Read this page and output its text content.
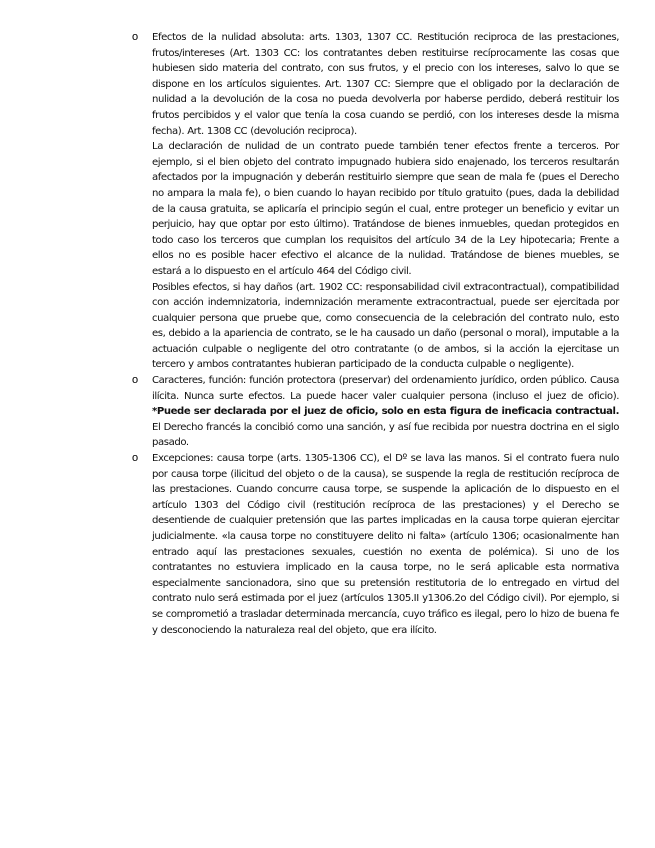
o Efectos de la nulidad absoluta: arts. 1303, 1307 CC. Restitución reciproca de las prestaciones, frutos/intereses (Art. 1303 CC: los contratantes deben restituirse recíprocamente las cosas que hubiesen sido materia del contrato, con sus frutos, y el precio con los intereses, salvo lo que se dispone en los artículos siguientes. Art. 1307 CC: Siempre que el obligado por la declaración de nulidad a la devolución de la cosa no pueda devolverla por haberse perdido, deberá restituir los frutos percibidos y el valor que tenía la cosa cuando se perdió, con los intereses desde la misma fecha). Art. 1308 CC (devolución reciproca).

La declaración de nulidad de un contrato puede también tener efectos frente a terceros. Por ejemplo, si el bien objeto del contrato impugnado hubiera sido enajenado, los terceros resultarán afectados por la impugnación y deberán restituirlo siempre que sean de mala fe (pues el Derecho no ampara la mala fe), o bien cuando lo hayan recibido por título gratuito (pues, dada la debilidad de la causa gratuita, se aplicaría el principio según el cual, entre proteger un beneficio y evitar un perjuicio, hay que optar por esto último). Tratándose de bienes inmuebles, quedan protegidos en todo caso los terceros que cumplan los requisitos del artículo 34 de la Ley hipotecaria; Frente a ellos no es posible hacer efectivo el alcance de la nulidad. Tratándose de bienes muebles, se estará a lo dispuesto en el artículo 464 del Código civil.

Posibles efectos, si hay daños (art. 1902 CC: responsabilidad civil extracontractual), compatibilidad con acción indemnizatoria, indemnización meramente extracontractual, puede ser ejercitada por cualquier persona que pruebe que, como consecuencia de la celebración del contrato nulo, esto es, debido a la apariencia de contrato, se le ha causado un daño (personal o moral), imputable a la actuación culpable o negligente del otro contratante (o de ambos, si la acción la ejercitase un tercero y ambos contratantes hubieran participado de la conducta culpable o negligente).

o Caracteres, función: función protectora (preservar) del ordenamiento jurídico, orden público. Causa ilícita. Nunca surte efectos. La puede hacer valer cualquier persona (incluso el juez de oficio). *Puede ser declarada por el juez de oficio, solo en esta figura de ineficacia contractual. El Derecho francés la concibió como una sanción, y así fue recibida por nuestra doctrina en el siglo pasado.

o Excepciones: causa torpe (arts. 1305-1306 CC), el Dº se lava las manos. Si el contrato fuera nulo por causa torpe (ilicitud del objeto o de la causa), se suspende la regla de restitución recíproca de las prestaciones. Cuando concurre causa torpe, se suspende la aplicación de lo dispuesto en el artículo 1303 del Código civil (restitución recíproca de las prestaciones) y el Derecho se desentiende de cualquier pretensión que las partes implicadas en la causa torpe quieran ejercitar judicialmente. «la causa torpe no constituyere delito ni falta» (artículo 1306; ocasionalmente han entrado aquí las prestaciones sexuales, cuestión no exenta de polémica). Si uno de los contratantes no estuviera implicado en la causa torpe, no le será aplicable esta normativa especialmente sancionadora, sino que su pretensión restitutoria de lo entregado en virtud del contrato nulo será estimada por el juez (artículos 1305.II y1306.2o del Código civil). Por ejemplo, si se comprometió a trasladar determinada mercancía, cuyo tráfico es ilegal, pero lo hizo de buena fe y desconociendo la naturaleza real del objeto, que era ilícito.
